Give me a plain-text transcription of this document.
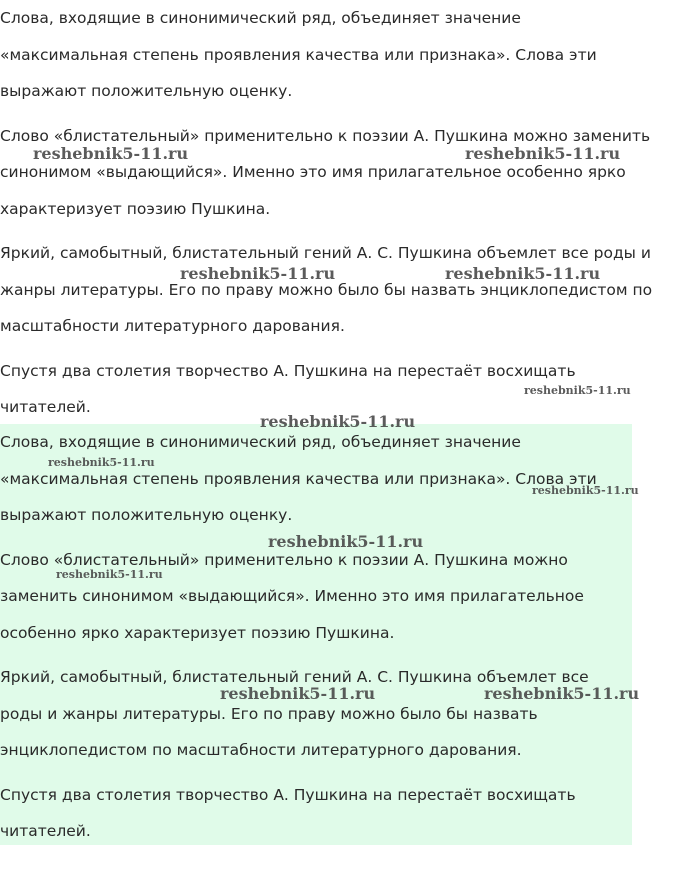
Слова, входящие в синонимический ряд, объединяет значение
«максимальная степень проявления качества или признака». Слова эти
выражают положительную оценку.

Слово «блистательный» применительно к поэзии А. Пушкина можно заменить
синонимом «выдающийся». Именно это имя прилагательное особенно ярко
характеризует поэзию Пушкина.

Яркий, самобытный, блистательный гений А. С. Пушкина объемлет все роды и
жанры литературы. Его по праву можно было бы назвать энциклопедистом по
масштабности литературного дарования.

Спустя два столетия творчество А. Пушкина на перестаёт восхищать
читателей.

Слова, входящие в синонимический ряд, объединяет значение
«максимальная степень проявления качества или признака». Слова эти
выражают положительную оценку.

Слово «блистательный» применительно к поэзии А. Пушкина можно
заменить синонимом «выдающийся». Именно это имя прилагательное
особенно ярко характеризует поэзию Пушкина.

Яркий, самобытный, блистательный гений А. С. Пушкина объемлет все
роды и жанры литературы. Его по праву можно было бы назвать
энциклопедистом по масштабности литературного дарования.

Спустя два столетия творчество А. Пушкина на перестаёт восхищать
читателей.

reshebnik5-11.ru	reshebnik5-11.ru
reshebnik5-11.ru	reshebnik5-11.ru
reshebnik5-11.ru
reshebnik5-11.ru
reshebnik5-11.ru
reshebnik5-11.ru
reshebnik5-11.ru
reshebnik5-11.ru
reshebnik5-11.ru	reshebnik5-11.ru
